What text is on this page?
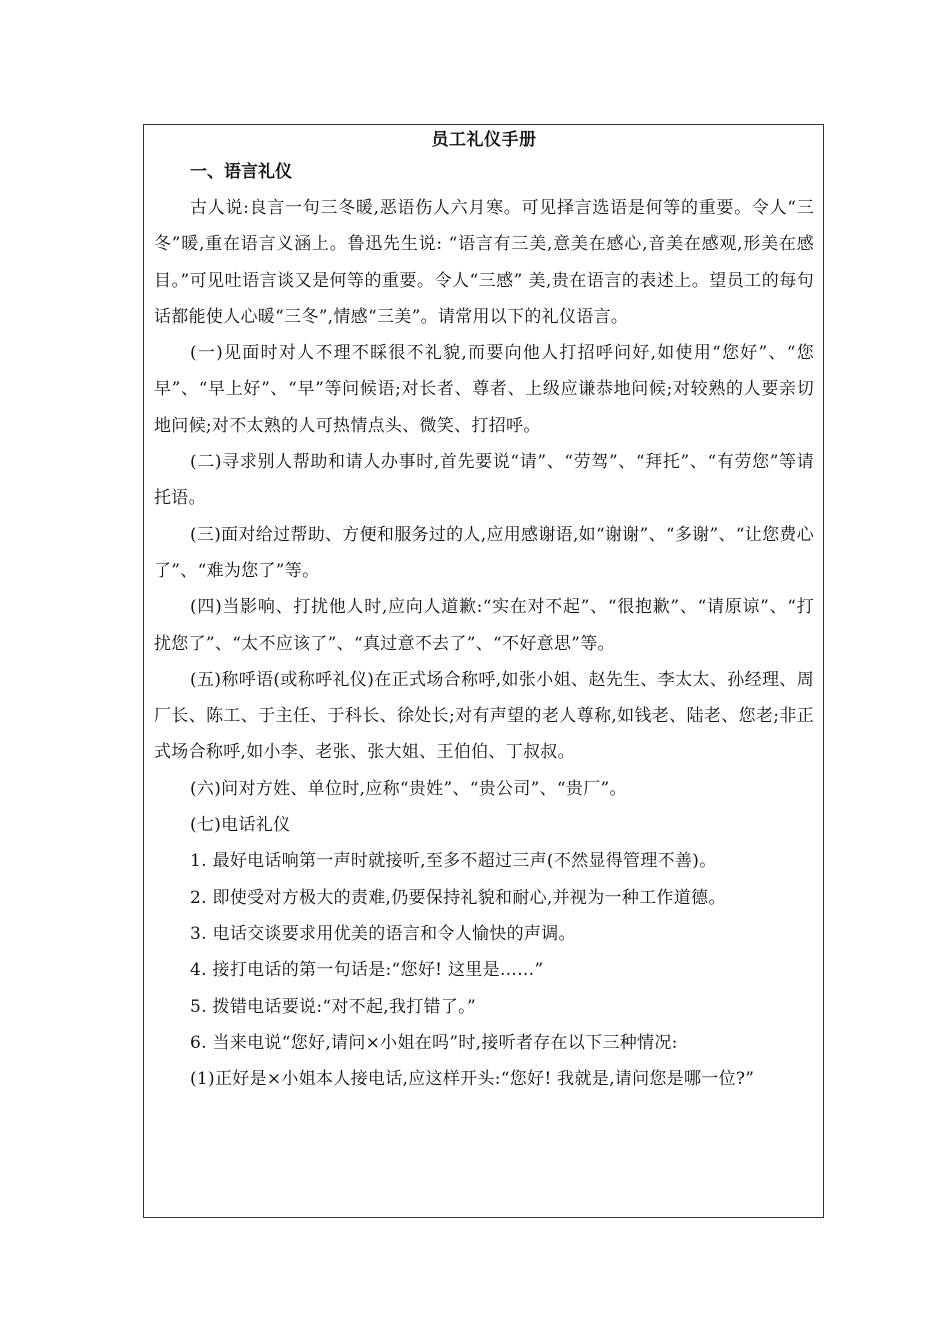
员工礼仪手册
一、语言礼仪

古人说:良言一句三冬暖,恶语伤人六月寒。可见择言选语是何等的重要。令人“三冬”暖,重在语言义涵上。鲁迅先生说: “语言有三美,意美在感心,音美在感观,形美在感目。”可见吐语言谈又是何等的重要。令人“三感” 美,贵在语言的表述上。望员工的每句话都能使人心暖“三冬”,情感“三美”。请常用以下的礼仪语言。

(一)见面时对人不理不睬很不礼貌,而要向他人打招呼问好,如使用“您好”、“您早”、“早上好”、“早”等问候语;对长者、尊者、上级应谦恭地问候;对较熟的人要亲切地问候;对不太熟的人可热情点头、微笑、打招呼。

(二)寻求别人帮助和请人办事时,首先要说“请”、“劳驾”、“拜托”、“有劳您”等请托语。

(三)面对给过帮助、方便和服务过的人,应用感谢语,如“谢谢”、“多谢”、“让您费心了”、“难为您了”等。

(四)当影响、打扰他人时,应向人道歉:“实在对不起”、“很抱歉”、“请原谅”、“打扰您了”、“太不应该了”、“真过意不去了”、“不好意思”等。

(五)称呼语(或称呼礼仪)在正式场合称呼,如张小姐、赵先生、李太太、孙经理、周厂长、陈工、于主任、于科长、徐处长;对有声望的老人尊称,如钱老、陆老、您老;非正式场合称呼,如小李、老张、张大姐、王伯伯、丁叔叔。

(六)问对方姓、单位时,应称“贵姓”、“贵公司”、“贵厂”。

(七)电话礼仪

1. 最好电话响第一声时就接听,至多不超过三声(不然显得管理不善)。

2. 即使受对方极大的责难,仍要保持礼貌和耐心,并视为一种工作道德。

3. 电话交谈要求用优美的语言和令人愉快的声调。

4. 接打电话的第一句话是:“您好! 这里是……”

5. 拨错电话要说:“对不起,我打错了。”

6. 当来电说“您好,请问×小姐在吗”时,接听者存在以下三种情况:

(1)正好是×小姐本人接电话,应这样开头:“您好! 我就是,请问您是哪一位?”
